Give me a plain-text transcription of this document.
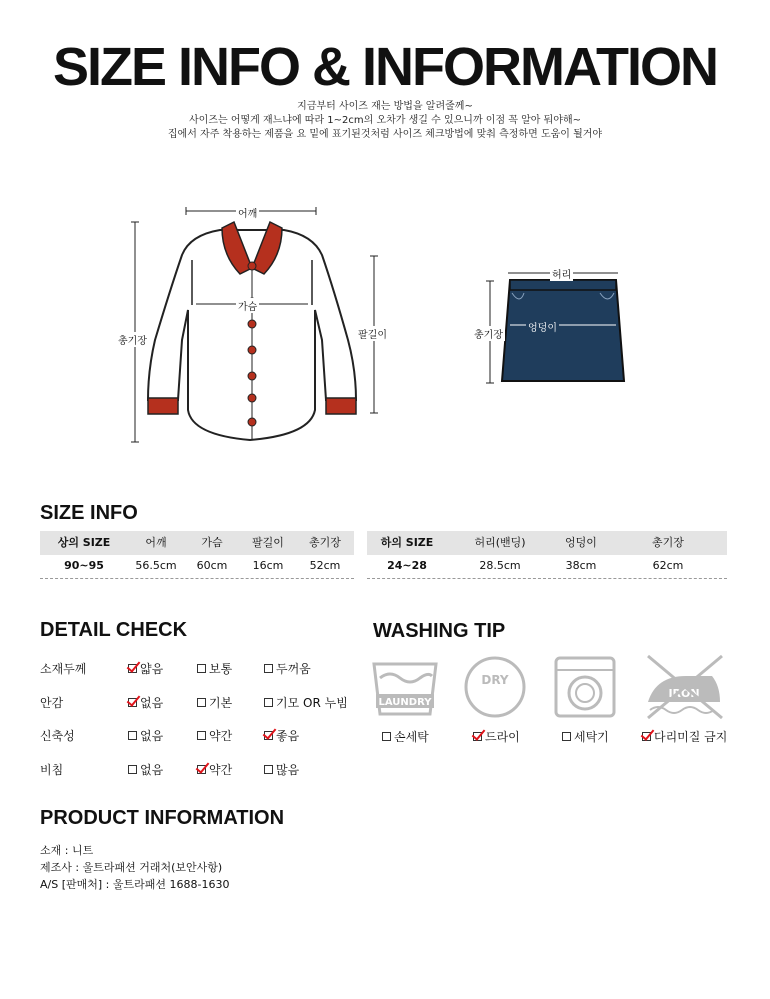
SIZE INFO & INFORMATION
지금부터 사이즈 재는 방법을 알려줄께~
사이즈는 어떻게 재느냐에 따라 1~2cm의 오차가 생길 수 있으니까 이점 꼭 알아 둬야해~
집에서 자주 착용하는 제품을 요 밑에 표기된것처럼 사이즈 체크방법에 맞춰 측정하면 도움이 될거야
어깨
가슴
총기장
팔길이
허리
엉덩이
총기장
SIZE INFO
상의 SIZE	어깨	가슴	팔길이	총기장
90~95	56.5cm	60cm	16cm	52cm
하의 SIZE	허리(밴딩)	엉덩이	총기장
24~28	28.5cm	38cm	62cm
DETAIL CHECK
소재두께	얇음	보통	두꺼움
안감	없음	기본	기모 OR 누빔
신축성	없음	약간	좋음
비침	없음	약간	많음
WASHING TIP
LAUNDRY
DRY
IRON
손세탁	드라이	세탁기	다리미질 금지
PRODUCT INFORMATION
소재 : 니트
제조사 : 울트라패션 거래처(보안사항)
A/S [판매처] : 울트라패션 1688-1630
